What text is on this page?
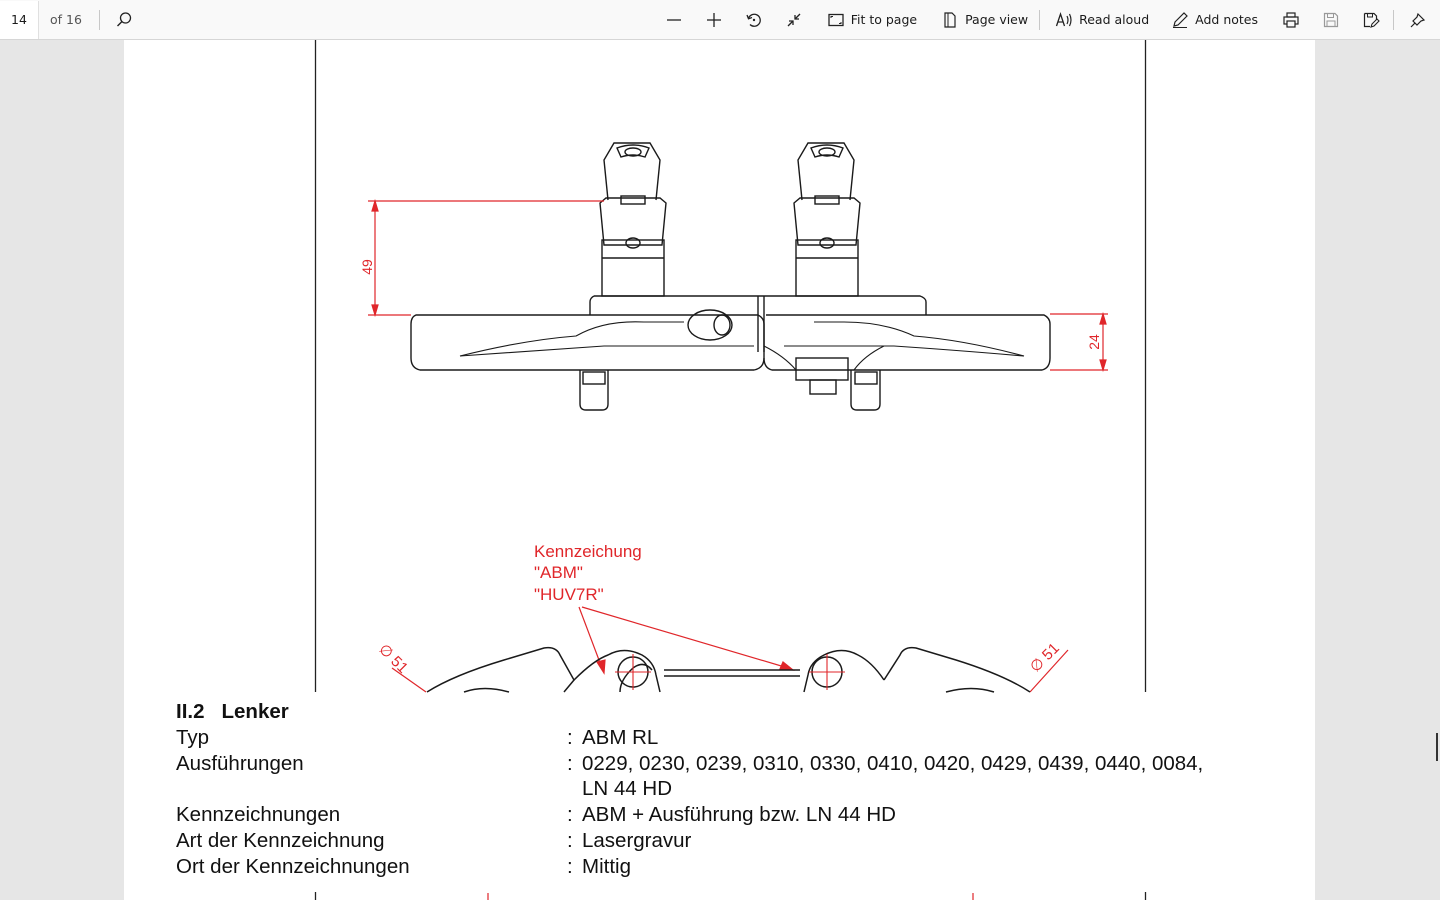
14	of 16	Fit to page	Page view	Read aloud	Add notes
49
24
Kennzeichung
"ABM"
"HUV7R"
∅ 51	∅ 51
II.2 Lenker
Typ	: ABM RL
Ausführungen	: 0229, 0230, 0239, 0310, 0330, 0410, 0420, 0429, 0439, 0440, 0084,
LN 44 HD
Kennzeichnungen	: ABM + Ausführung bzw. LN 44 HD
Art der Kennzeichnung	: Lasergravur
Ort der Kennzeichnungen	: Mittig
